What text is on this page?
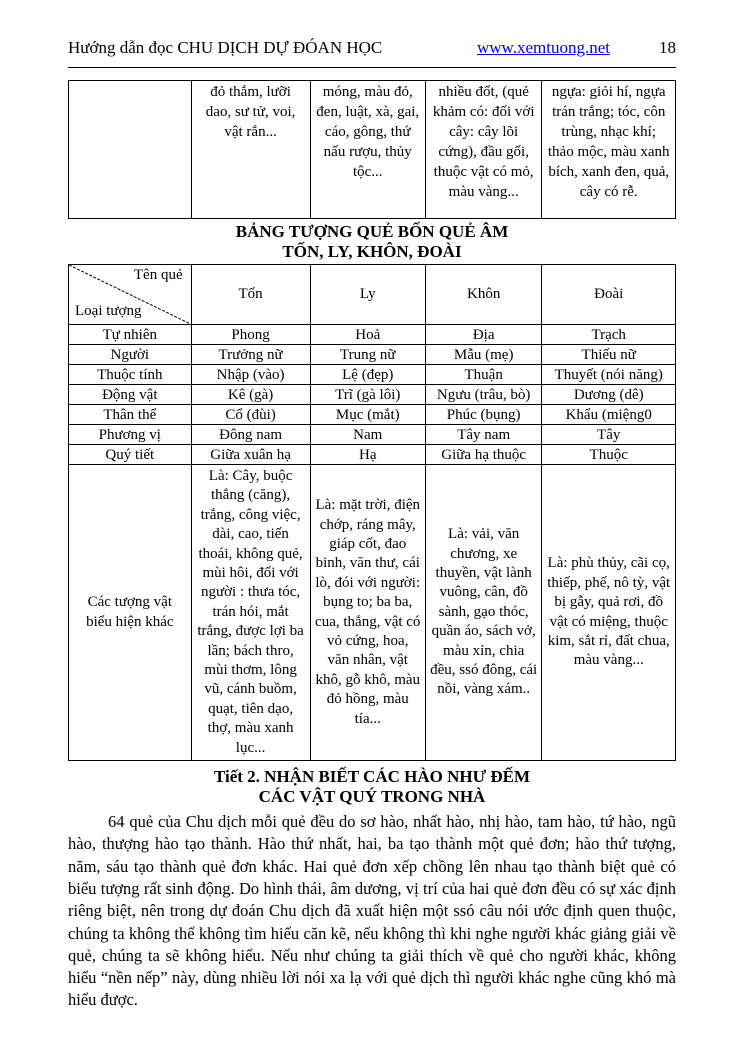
Hướng dẫn đọc CHU DỊCH DỰ ĐÓAN HỌC	www.xemtuong.net	18
	đỏ thắm, lưỡi dao, sư tử, voi, vật rắn...	móng, màu đỏ, đen, luật, xà, gai, cáo, gông, thứ nấu rượu, thủy tộc...	nhiều đốt, (quẻ khảm có: đối với cây: cây lõi cứng), đầu gối, thuộc vật có mỏ, màu vàng...	ngựa: giỏi hí, ngựa trán trắng; tóc, côn trùng, nhạc khí; thảo mộc, màu xanh bích, xanh đen, quả, cây có rễ.
BẢNG TƯỢNG QUẺ BỐN QUẺ ÂM
TỐN, LY, KHÔN, ĐOÀI
Tên quẻ
Loại tượng	Tốn	Ly	Khôn	Đoài
Tự nhiên	Phong	Hoả	Địa	Trạch
Người	Trưởng nữ	Trung nữ	Mẫu (mẹ)	Thiếu nữ
Thuộc tính	Nhập (vào)	Lệ (đẹp)	Thuận	Thuyết (nói năng)
Động vật	Kê (gà)	Trĩ (gà lôi)	Ngưu (trâu, bò)	Dương (dê)
Thân thể	Cổ (đùi)	Mục (mắt)	Phúc (bụng)	Khẩu (miệng0
Phương vị	Đông nam	Nam	Tây nam	Tây
Quý tiết	Giữa xuân hạ	Hạ	Giữa hạ thuộc	Thuộc
Các tượng vật biểu hiện khác	Là: Cây, buộc thẳng (căng), trắng, công việc, dài, cao, tiến thoái, không quẻ, mùi hôi, đối với người : thưa tóc, trán hói, mắt trắng, được lợi ba lần; bách thro, mùi thơm, lông vũ, cánh buồm, quạt, tiên dạo, thợ, màu xanh lục...	Là: mặt trời, điện chớp, ráng mây, giáp cốt, đao binh, văn thư, cái lò, đói với người: bụng to; ba ba, cua, thắng, vật có vỏ cứng, hoa, văn nhân, vật khô, gỗ khô, màu đỏ hồng, màu tía...	Là: vải, văn chương, xe thuyền, vật lành vuông, cân, đồ sành, gạo thóc, quần áo, sách vở, màu xỉn, chia đều, ssó đông, cái nồi, vàng xám..	Là: phù thủy, cãi cọ, thiếp, phế, nô tỳ, vật bị gẫy, quả rơi, đồ vật có miệng, thuộc kim, sắt rỉ, đất chua, màu vàng...
Tiết 2. NHẬN BIẾT CÁC HÀO NHƯ ĐẾM
CÁC VẬT QUÝ TRONG NHÀ

64 quẻ của Chu dịch mỗi quẻ đều do sơ hào, nhất hào, nhị hào, tam hào, tứ hào, ngũ hào, thượng hào tạo thành. Hào thứ nhất, hai, ba tạo thành một quẻ đơn; hào thứ tượng, năm, sáu tạo thành quẻ đơn khác. Hai quẻ đơn xếp chồng lên nhau tạo thành biệt quẻ có biểu tượng rất sinh động. Do hình thái, âm dương, vị trí của hai quẻ đơn đều có sự xác định riêng biệt, nên trong dự đoán Chu dịch đã xuất hiện một ssó câu nói ước định quen thuộc, chúng ta không thể không tìm hiểu căn kẽ, nếu không thì khi nghe người khác giảng giải về quẻ, chúng ta sẽ không hiểu. Nếu như chúng ta giải thích về quẻ cho người khác, không hiểu “nền nếp” này, dùng nhiều lời nói xa lạ với quẻ dịch thì người khác nghe cũng khó mà hiểu được.
